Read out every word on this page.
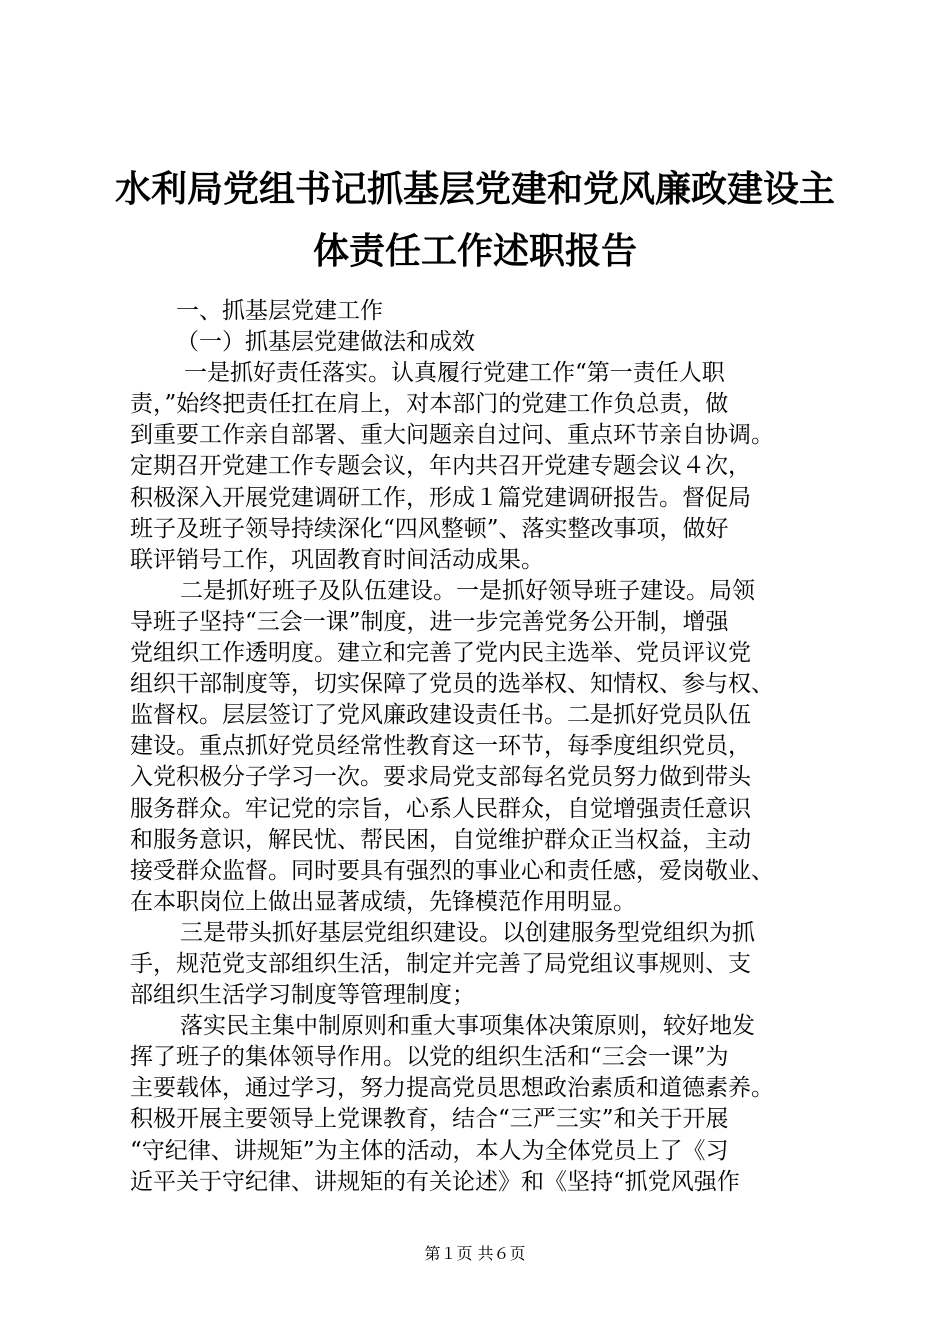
水利局党组书记抓基层党建和党风廉政建设主
体责任工作述职报告
一、抓基层党建工作
（一）抓基层党建做法和成效
一是抓好责任落实。认真履行党建工作“第一责任人职
责，”始终把责任扛在肩上，对本部门的党建工作负总责，做
到重要工作亲自部署、重大问题亲自过问、重点环节亲自协调。
定期召开党建工作专题会议，年内共召开党建专题会议４次，
积极深入开展党建调研工作，形成１篇党建调研报告。督促局
班子及班子领导持续深化“四风整顿”、落实整改事项，做好
联评销号工作，巩固教育时间活动成果。
二是抓好班子及队伍建设。一是抓好领导班子建设。局领
导班子坚持“三会一课”制度，进一步完善党务公开制，增强
党组织工作透明度。建立和完善了党内民主选举、党员评议党
组织干部制度等，切实保障了党员的选举权、知情权、参与权、
监督权。层层签订了党风廉政建设责任书。二是抓好党员队伍
建设。重点抓好党员经常性教育这一环节，每季度组织党员，
入党积极分子学习一次。要求局党支部每名党员努力做到带头
服务群众。牢记党的宗旨，心系人民群众，自觉增强责任意识
和服务意识，解民忧、帮民困，自觉维护群众正当权益，主动
接受群众监督。同时要具有强烈的事业心和责任感，爱岗敬业、
在本职岗位上做出显著成绩，先锋模范作用明显。
三是带头抓好基层党组织建设。以创建服务型党组织为抓
手，规范党支部组织生活，制定并完善了局党组议事规则、支
部组织生活学习制度等管理制度；
落实民主集中制原则和重大事项集体决策原则，较好地发
挥了班子的集体领导作用。以党的组织生活和“三会一课”为
主要载体，通过学习，努力提高党员思想政治素质和道德素养。
积极开展主要领导上党课教育，结合“三严三实”和关于开展
“守纪律、讲规矩”为主体的活动，本人为全体党员上了《习
近平关于守纪律、讲规矩的有关论述》和《坚持“抓党风强作
第１页 共６页
